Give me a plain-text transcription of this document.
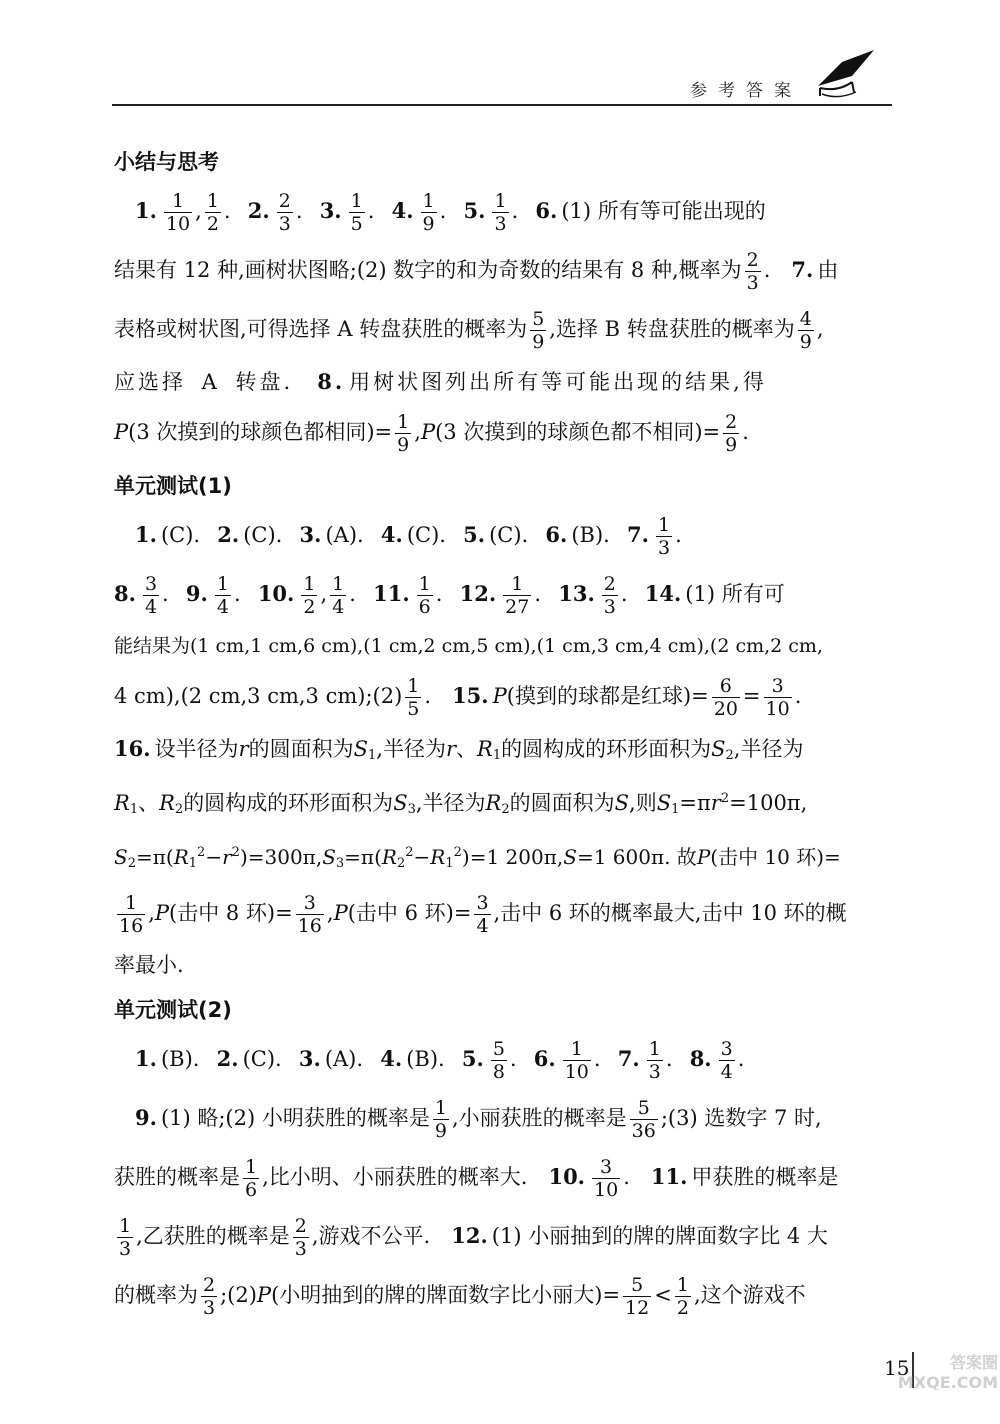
参考答案
小结与思考
 1. $\frac{1}{10}$ , $\frac{1}{2}$ .  2. $\frac{2}{3}$ .  3. $\frac{1}{5}$ .  4. $\frac{1}{9}$ .  5. $\frac{1}{3}$ .  6. (1) 所有等可能出现的
结果有 12 种,画树状图略;(2) 数字的和为奇数的结果有 8 种,概率为 $\frac{2}{3}$ .  7. 由
表格或树状图,可得选择 A 转盘获胜的概率为 $\frac{5}{9}$ ,选择 B 转盘获胜的概率为 $\frac{4}{9}$ ,
应选择 A 转盘.  8. 用树状图列出所有等可能出现的结果,得
P(3 次摸到的球颜色都相同)= $\frac{1}{9} ,P(3$ 次摸到的球颜色都不相同)= $\frac{2}{9}$ .
单元测试(1)
 1. (C).  2. (C).  3. (A).  4. (C).  5. (C).  6. (B).  7. $\frac{1}{3}$ .
8. $\frac{3}{4}$ .  9. $\frac{1}{4}$ .  10. $\frac{1}{2}$ , $\frac{1}{4}$ .  11. $\frac{1}{6}$ .  12. $\frac{1}{27}$ .  13. $\frac{2}{3}$ .  14. (1) 所有可
能结果为(1 cm,1 cm,6 cm),(1 cm,2 cm,5 cm),(1 cm,3 cm,4 cm),(2 cm,2 cm,
4 cm),(2 cm,3 cm,3 cm);(2) $\frac{1}{5}$ .  15. P(摸到的球都是红球)= $\frac{6}{20} = \frac{3}{10}$ .
16. 设半径为r的圆面积为$S_1$,半径为r、$R_1$的圆构成的环形面积为$S_2$,半径为
$R_1$、$R_2$的圆构成的环形面积为$S_3$,半径为$R_2$的圆面积为S,则$S_1=\pi r^2=100\pi$,
$S_2=\pi(R_1^2-r^2)=300\pi,S_3=\pi(R_2^2-R_1^2)=1$ 200π,S=1 600π. 故P(击中 10 环)=
$\frac{1}{16} ,P$(击中 8 环)= $\frac{3}{16} ,P$(击中 6 环)= $\frac{3}{4}$ ,击中 6 环的概率最大,击中 10 环的概
率最小.
单元测试(2)
 1. (B).  2. (C).  3. (A).  4. (B).  5. $\frac{5}{8}$ .  6. $\frac{1}{10}$ .  7. $\frac{1}{3}$ .  8. $\frac{3}{4}$ .
 9. (1) 略;(2) 小明获胜的概率是 $\frac{1}{9}$ ,小丽获胜的概率是 $\frac{5}{36}$ ;(3) 选数字 7 时,
获胜的概率是 $\frac{1}{6}$ ,比小明、小丽获胜的概率大.  10. $\frac{3}{10}$ .  11. 甲获胜的概率是
$\frac{1}{3}$ ,乙获胜的概率是 $\frac{2}{3}$ ,游戏不公平.  12. (1) 小丽抽到的牌的牌面数字比 4 大
的概率为 $\frac{2}{3}$ ;(2)P(小明抽到的牌的牌面数字比小丽大)= $\frac{5}{12} < \frac{1}{2}$ ,这个游戏不
15	答案圈 MXQE.COM
